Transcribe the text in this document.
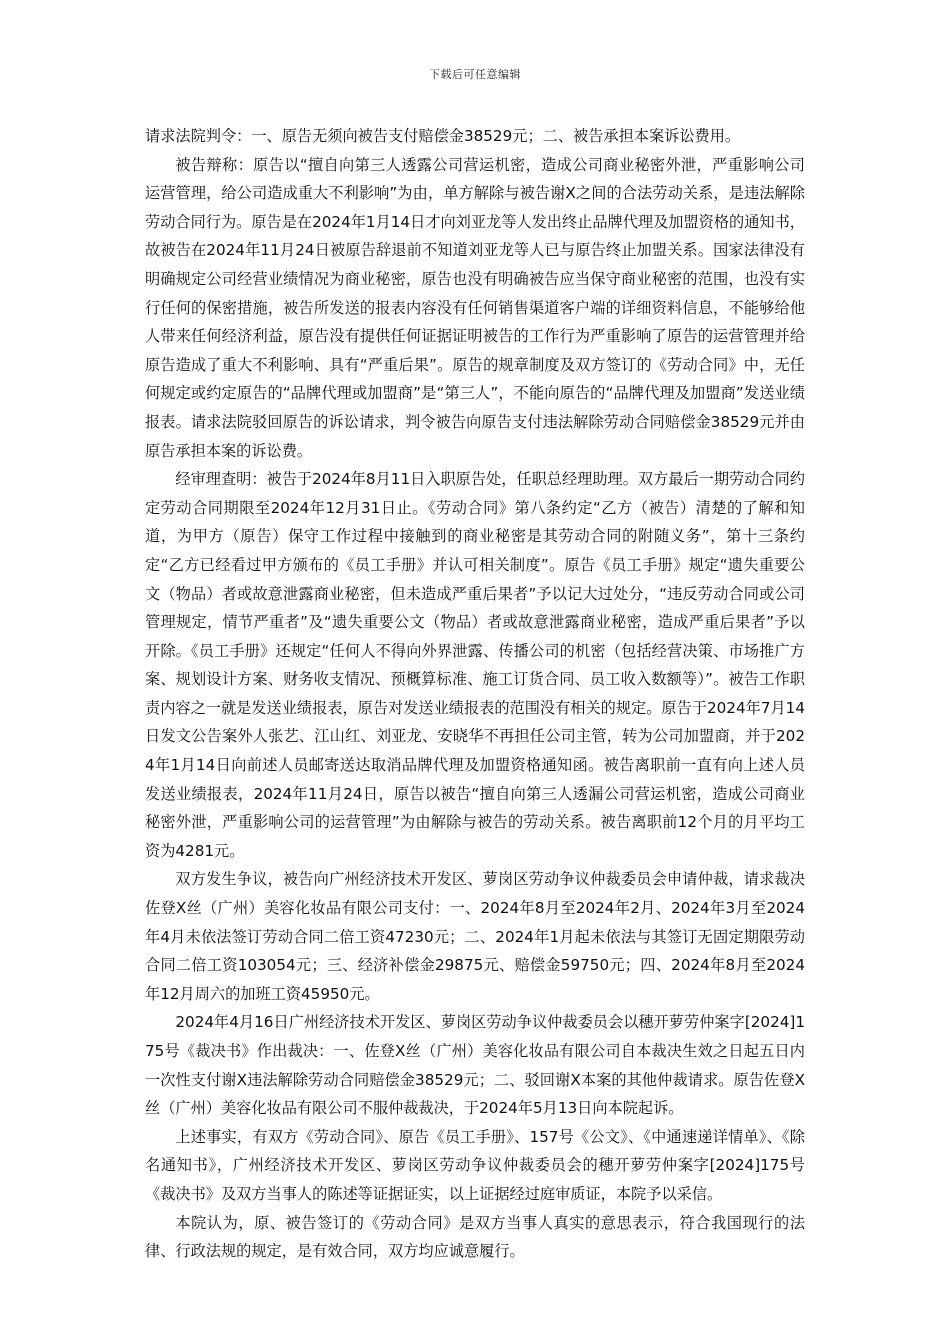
下载后可任意编辑

请求法院判令：一、原告无须向被告支付赔偿金38529元；二、被告承担本案诉讼费用。

被告辩称：原告以“擅自向第三人透露公司营运机密，造成公司商业秘密外泄，严重影响公司运营管理，给公司造成重大不利影响”为由，单方解除与被告谢X之间的合法劳动关系，是违法解除劳动合同行为。原告是在2024年1月14日才向刘亚龙等人发出终止品牌代理及加盟资格的通知书，故被告在2024年11月24日被原告辞退前不知道刘亚龙等人已与原告终止加盟关系。国家法律没有明确规定公司经营业绩情况为商业秘密，原告也没有明确被告应当保守商业秘密的范围，也没有实行任何的保密措施，被告所发送的报表内容没有任何销售渠道客户端的详细资料信息，不能够给他人带来任何经济利益，原告没有提供任何证据证明被告的工作行为严重影响了原告的运营管理并给原告造成了重大不利影响、具有“严重后果”。原告的规章制度及双方签订的《劳动合同》中，无任何规定或约定原告的“品牌代理或加盟商”是“第三人”，不能向原告的“品牌代理及加盟商”发送业绩报表。请求法院驳回原告的诉讼请求，判令被告向原告支付违法解除劳动合同赔偿金38529元并由原告承担本案的诉讼费。

经审理查明：被告于2024年8月11日入职原告处，任职总经理助理。双方最后一期劳动合同约定劳动合同期限至2024年12月31日止。《劳动合同》第八条约定“乙方（被告）清楚的了解和知道，为甲方（原告）保守工作过程中接触到的商业秘密是其劳动合同的附随义务”，第十三条约定“乙方已经看过甲方颁布的《员工手册》并认可相关制度”。原告《员工手册》规定“遗失重要公文（物品）者或故意泄露商业秘密，但未造成严重后果者”予以记大过处分，“违反劳动合同或公司管理规定，情节严重者”及“遗失重要公文（物品）者或故意泄露商业秘密，造成严重后果者”予以开除。《员工手册》还规定“任何人不得向外界泄露、传播公司的机密（包括经营决策、市场推广方案、规划设计方案、财务收支情况、预概算标准、施工订货合同、员工收入数额等）”。被告工作职责内容之一就是发送业绩报表，原告对发送业绩报表的范围没有相关的规定。原告于2024年7月14日发文公告案外人张艺、江山红、刘亚龙、安晓华不再担任公司主管，转为公司加盟商，并于2024年1月14日向前述人员邮寄送达取消品牌代理及加盟资格通知函。被告离职前一直有向上述人员发送业绩报表，2024年11月24日，原告以被告“擅自向第三人透漏公司营运机密，造成公司商业秘密外泄，严重影响公司的运营管理”为由解除与被告的劳动关系。被告离职前12个月的月平均工资为4281元。

双方发生争议，被告向广州经济技术开发区、萝岗区劳动争议仲裁委员会申请仲裁，请求裁决佐登X丝（广州）美容化妆品有限公司支付：一、2024年8月至2024年2月、2024年3月至2024年4月未依法签订劳动合同二倍工资47230元；二、2024年1月起未依法与其签订无固定期限劳动合同二倍工资103054元；三、经济补偿金29875元、赔偿金59750元；四、2024年8月至2024年12月周六的加班工资45950元。

2024年4月16日广州经济技术开发区、萝岗区劳动争议仲裁委员会以穗开萝劳仲案字[2024]175号《裁决书》作出裁决：一、佐登X丝（广州）美容化妆品有限公司自本裁决生效之日起五日内一次性支付谢X违法解除劳动合同赔偿金38529元；二、驳回谢X本案的其他仲裁请求。原告佐登X丝（广州）美容化妆品有限公司不服仲裁裁决，于2024年5月13日向本院起诉。

上述事实，有双方《劳动合同》、原告《员工手册》、157号《公文》、《中通速递详情单》、《除名通知书》，广州经济技术开发区、萝岗区劳动争议仲裁委员会的穗开萝劳仲案字[2024]175号《裁决书》及双方当事人的陈述等证据证实，以上证据经过庭审质证，本院予以采信。

本院认为，原、被告签订的《劳动合同》是双方当事人真实的意思表示，符合我国现行的法律、行政法规的规定，是有效合同，双方均应诚意履行。
